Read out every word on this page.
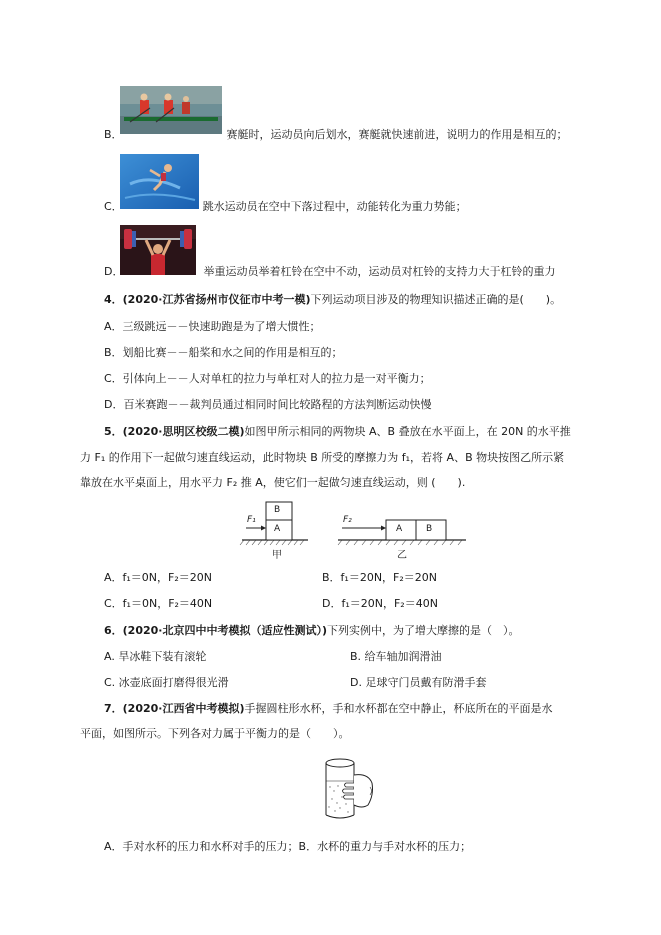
B．	赛艇时，运动员向后划水，赛艇就快速前进，说明力的作用是相互的；
C．	跳水运动员在空中下落过程中，动能转化为重力势能；
D．	举重运动员举着杠铃在空中不动，运动员对杠铃的支持力大于杠铃的重力
4．(2020·江苏省扬州市仪征市中考一模)下列运动项目涉及的物理知识描述正确的是(　　)。
A．三级跳远－－快速助跑是为了增大惯性；
B．划船比赛－－船桨和水之间的作用是相互的；
C．引体向上－－人对单杠的拉力与单杠对人的拉力是一对平衡力；
D．百米赛跑－－裁判员通过相同时间比较路程的方法判断运动快慢
5．(2020·思明区校级二模)如图甲所示相同的两物块 A、B 叠放在水平面上，在 20N 的水平推
力 F₁ 的作用下一起做匀速直线运动，此时物块 B 所受的摩擦力为 f₁，若将 A、B 物块按图乙所示紧
靠放在水平桌面上，用水平力 F₂ 推 A，使它们一起做匀速直线运动，则 (　　).
F₁
B
A
甲
F₂
A	B
乙
A．f₁＝0N，F₂＝20N	B．f₁＝20N，F₂＝20N
C．f₁＝0N，F₂＝40N	D．f₁＝20N，F₂＝40N
6．(2020·北京四中中考模拟（适应性测试）)下列实例中，为了增大摩擦的是（　）。
A. 旱冰鞋下装有滚轮	B. 给车轴加润滑油
C. 冰壶底面打磨得很光滑	D. 足球守门员戴有防滑手套
7．(2020·江西省中考模拟)手握圆柱形水杯，手和水杯都在空中静止，杯底所在的平面是水
平面，如图所示。下列各对力属于平衡力的是（　　）。
A．手对水杯的压力和水杯对手的压力；B．水杯的重力与手对水杯的压力；
